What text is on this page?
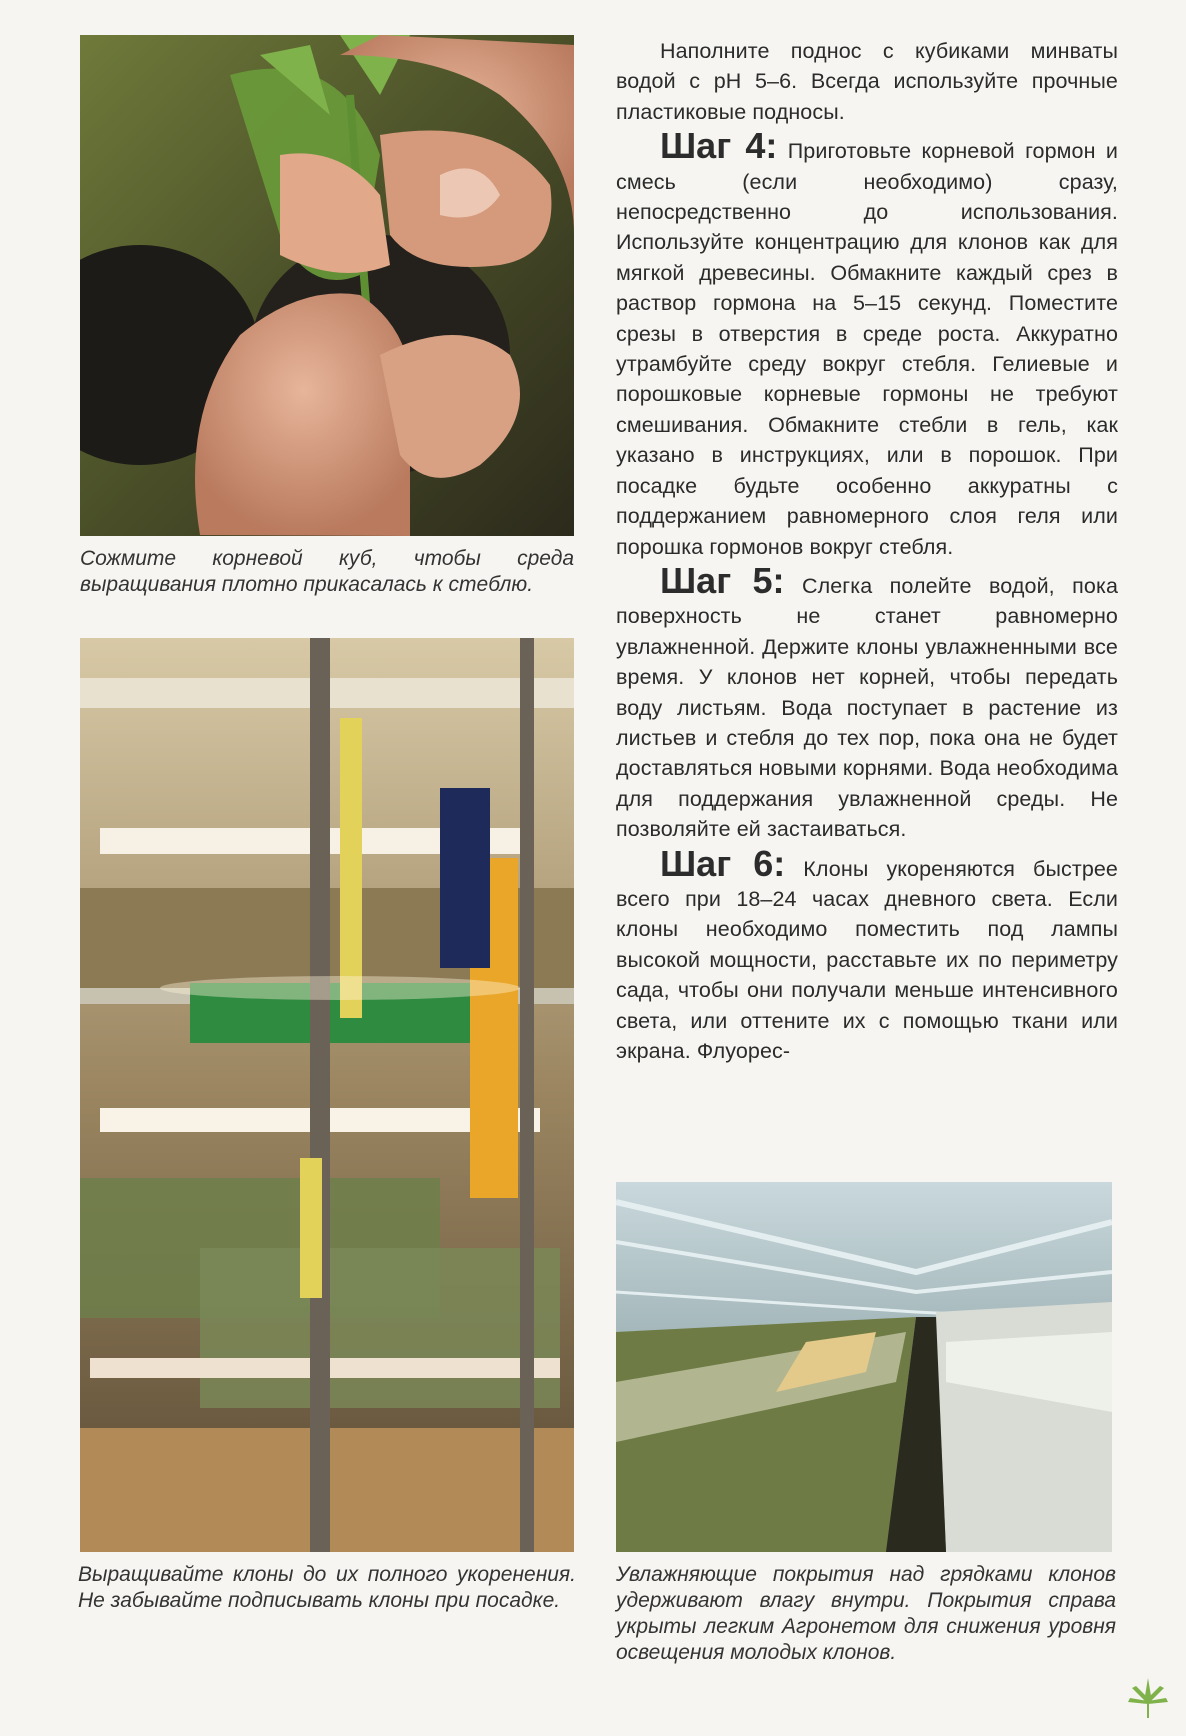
Сожмите корневой куб, чтобы среда выращивания плотно прикасалась к стеблю.

Выращивайте клоны до их полного укоренения. Не забывайте подписывать клоны при посадке.

Увлажняющие покрытия над грядками клонов удерживают влагу внутри. Покрытия справа укрыты легким Агронетом для снижения уровня освещения молодых клонов.

Наполните поднос с кубиками минваты водой с pH 5–6. Всегда используйте прочные пластиковые подносы.

Шаг 4: Приготовьте корневой гормон и смесь (если необходимо) сразу, непосредственно до использования. Используйте концентрацию для клонов как для мягкой древесины. Обмакните каждый срез в раствор гормона на 5–15 секунд. Поместите срезы в отверстия в среде роста. Аккуратно утрамбуйте среду вокруг стебля. Гелиевые и порошковые корневые гормоны не требуют смешивания. Обмакните стебли в гель, как указано в инструкциях, или в порошок. При посадке будьте особенно аккуратны с поддержанием равномерного слоя геля или порошка гормонов вокруг стебля.

Шаг 5: Слегка полейте водой, пока поверхность не станет равномерно увлажненной. Держите клоны увлажненными все время. У клонов нет корней, чтобы передать воду листьям. Вода поступает в растение из листьев и стебля до тех пор, пока она не будет доставляться новыми корнями. Вода необходима для поддержания увлажненной среды. Не позволяйте ей застаиваться.

Шаг 6: Клоны укореняются быстрее всего при 18–24 часах дневного света. Если клоны необходимо поместить под лампы высокой мощности, расставьте их по периметру сада, чтобы они получали меньше интенсивного света, или оттените их с помощью ткани или экрана. Флуорес-
